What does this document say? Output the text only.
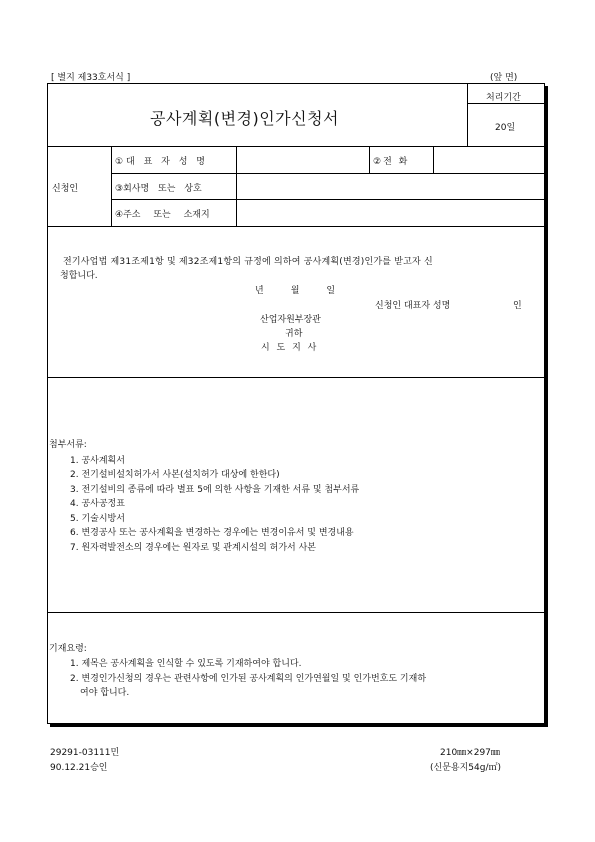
[ 별지 제33호서식 ]	(앞 면)
공사계획(변경)인가신청서
처리기간
20일
신청인
①대 표 자 성 명	②전 화
③회사명 또는 상호
④주소 또는 소재지
전기사업법 제31조제1항 및 제32조제1항의 규정에 의하여 공사계획(변경)인가를 받고자 신
청합니다.
년　　월　　일
신청인 대표자 성명	인
산업자원부장관
귀하
시 도 지 사
첨부서류:
1. 공사계획서
2. 전기설비설치허가서 사본(설치허가 대상에 한한다)
3. 전기설비의 종류에 따라 별표 5에 의한 사항을 기재한 서류 및 첨부서류
4. 공사공정표
5. 기술시방서
6. 변경공사 또는 공사계획을 변경하는 경우에는 변경이유서 및 변경내용
7. 원자력발전소의 경우에는 원자로 및 관계시설의 허가서 사본
기재요령:
1. 제목은 공사계획을 인식할 수 있도록 기재하여야 합니다.
2. 변경인가신청의 경우는 관련사항에 인가된 공사계획의 인가연월일 및 인가번호도 기재하
여야 합니다.
29291-03111민
90.12.21승인
210㎜×297㎜
(신문용지54g/㎡)
